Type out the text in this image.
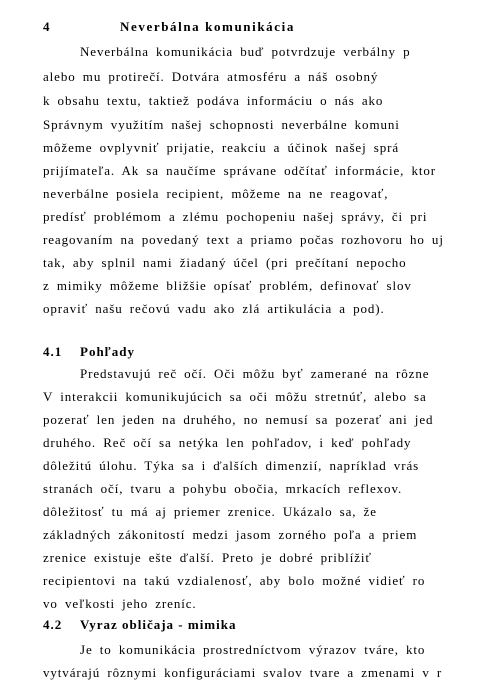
4	Neverbálna komunikácia
Neverbálna komunikácia buď potvrdzuje verbálny p
alebo mu protirečí. Dotvára atmosféru a náš osobný
k obsahu textu, taktiež podáva informáciu o nás ako
Správnym využitím našej schopnosti neverbálne komuni
môžeme ovplyvniť prijatie, reakciu a účinok našej sprá
prijímateľa. Ak sa naučíme správane odčítať informácie, ktor
neverbálne posiela recipient, môžeme na ne reagovať,
predísť problémom a zlému pochopeniu našej správy, či pri
reagovaním na povedaný text a priamo počas rozhovoru ho uj
tak, aby splnil nami žiadaný účel (pri prečítaní nepocho
z mimiky môžeme bližšie opísať problém, definovať slov
opraviť našu rečovú vadu ako zlá artikulácia a pod).
4.1 Pohľady
Predstavujú reč očí. Oči môžu byť zamerané na rôzne
V interakcii komunikujúcich sa oči môžu stretnúť, alebo sa
pozerať len jeden na druhého, no nemusí sa pozerať ani jed
druhého. Reč očí sa netýka len pohľadov, i keď pohľady
dôležitú úlohu. Týka sa i ďalších dimenzií, napríklad vrás
stranách očí, tvaru a pohybu obočia, mrkacích reflexov.
dôležitosť tu má aj priemer zrenice. Ukázalo sa, že
základných zákonitostí medzi jasom zorného poľa a priem
zrenice existuje ešte ďalší. Preto je dobré priblížiť
recipientovi na takú vzdialenosť, aby bolo možné vidieť ro
vo veľkosti jeho zreníc.
4.2 Vyraz obličaja - mimika
Je to komunikácia prostredníctvom výrazov tváre, kto
vytvárajú rôznymi konfiguráciami svalov tvare a zmenami v r
